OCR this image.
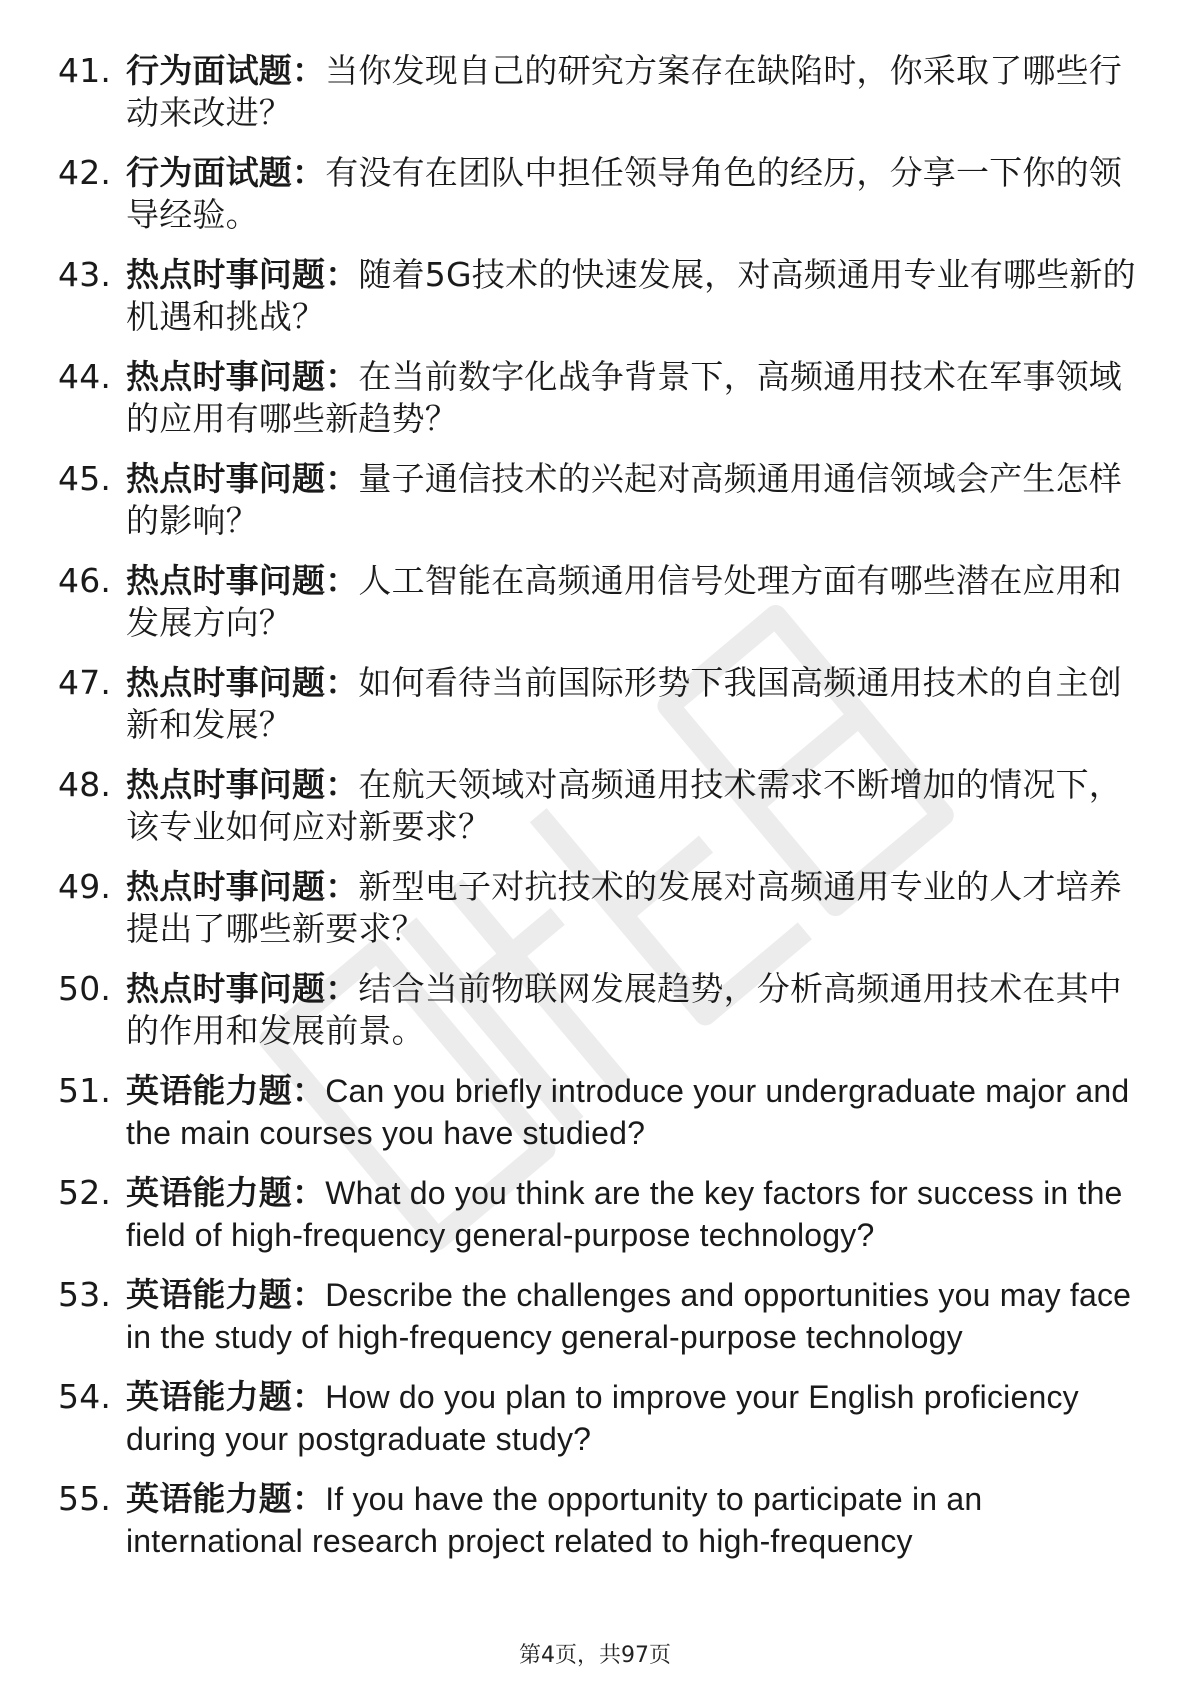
41. 行为面试题：当你发现自己的研究方案存在缺陷时，你采取了哪些行动来改进？
42. 行为面试题：有没有在团队中担任领导角色的经历，分享一下你的领导经验。
43. 热点时事问题：随着5G技术的快速发展，对高频通用专业有哪些新的机遇和挑战？
44. 热点时事问题：在当前数字化战争背景下，高频通用技术在军事领域的应用有哪些新趋势？
45. 热点时事问题：量子通信技术的兴起对高频通用通信领域会产生怎样的影响？
46. 热点时事问题：人工智能在高频通用信号处理方面有哪些潜在应用和发展方向？
47. 热点时事问题：如何看待当前国际形势下我国高频通用技术的自主创新和发展？
48. 热点时事问题：在航天领域对高频通用技术需求不断增加的情况下，该专业如何应对新要求？
49. 热点时事问题：新型电子对抗技术的发展对高频通用专业的人才培养提出了哪些新要求？
50. 热点时事问题：结合当前物联网发展趋势，分析高频通用技术在其中的作用和发展前景。
51. 英语能力题：Can you briefly introduce your undergraduate major and the main courses you have studied?
52. 英语能力题：What do you think are the key factors for success in the field of high-frequency general-purpose technology?
53. 英语能力题：Describe the challenges and opportunities you may face in the study of high-frequency general-purpose technology
54. 英语能力题：How do you plan to improve your English proficiency during your postgraduate study?
55. 英语能力题：If you have the opportunity to participate in an international research project related to high-frequency
第4页，共97页
